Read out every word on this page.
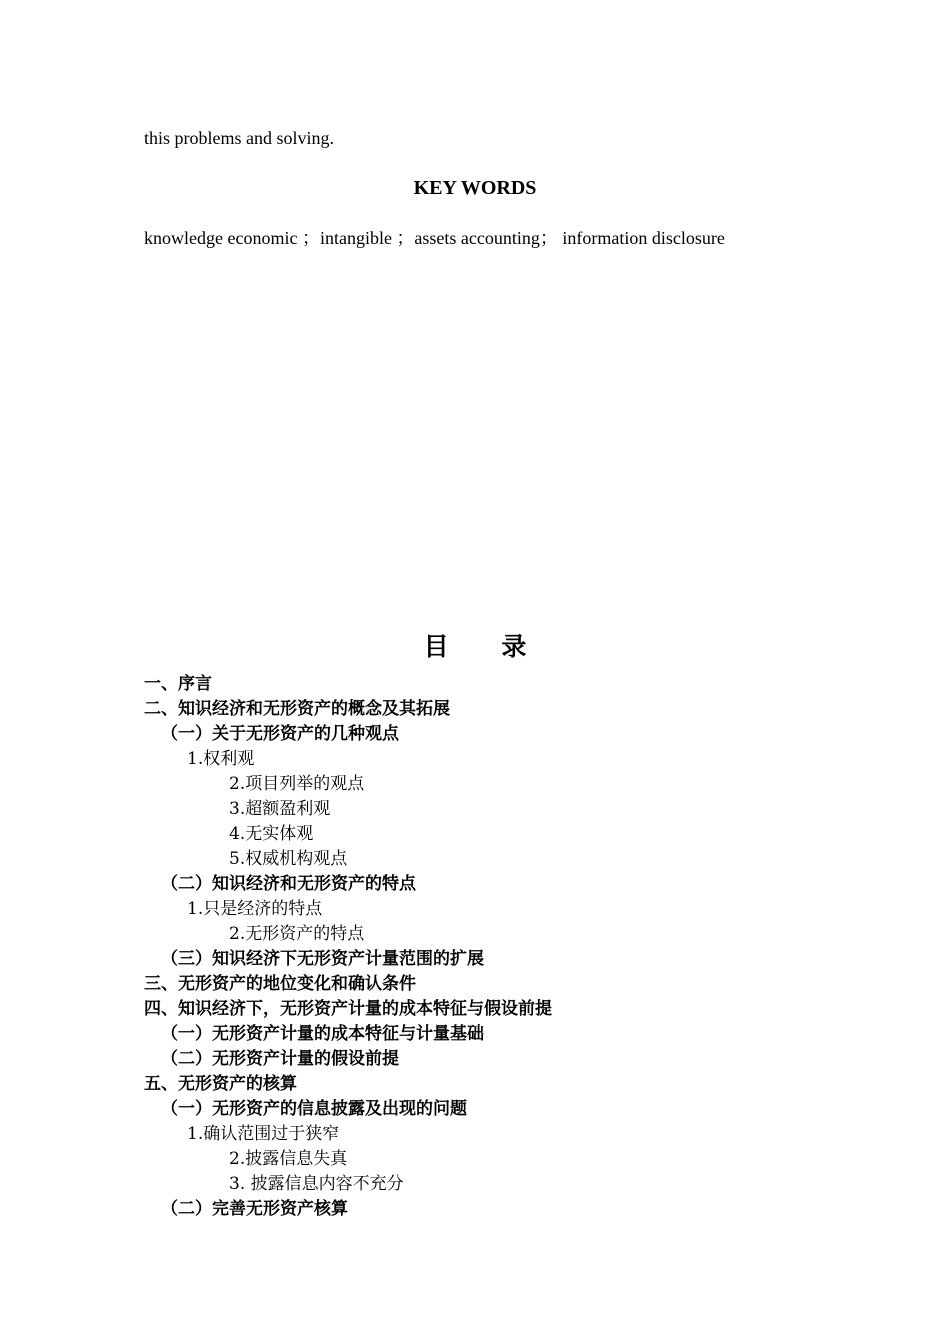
this problems and solving.
KEY WORDS
knowledge economic ；intangible ；assets accounting； information disclosure
目 录
一、序言
二、知识经济和无形资产的概念及其拓展
（一）关于无形资产的几种观点
1.权利观
2.项目列举的观点
3.超额盈利观
4.无实体观
5.权威机构观点
（二）知识经济和无形资产的特点
1.只是经济的特点
2.无形资产的特点
（三）知识经济下无形资产计量范围的扩展
三、无形资产的地位变化和确认条件
四、知识经济下，无形资产计量的成本特征与假设前提
（一）无形资产计量的成本特征与计量基础
（二）无形资产计量的假设前提
五、无形资产的核算
（一）无形资产的信息披露及出现的问题
1.确认范围过于狭窄
2.披露信息失真
3. 披露信息内容不充分
（二）完善无形资产核算
